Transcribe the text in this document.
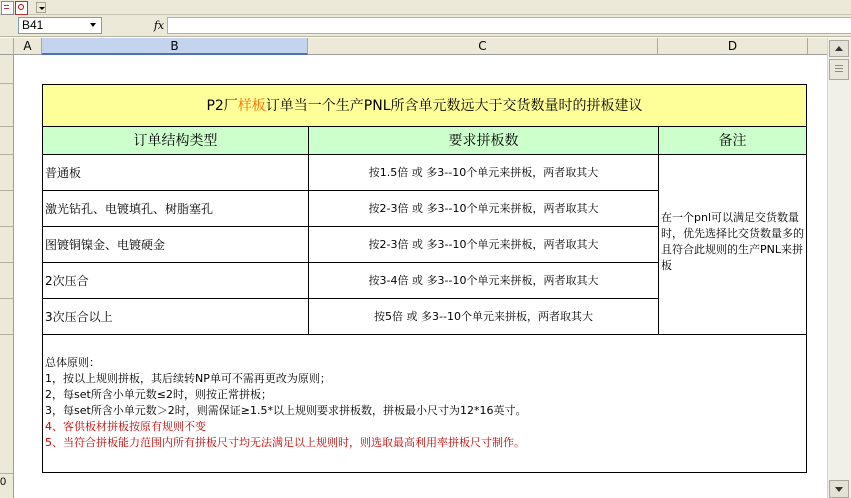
B41	fx
A	B	C	D
0
P2厂样板订单当一个生产PNL所含单元数远大于交货数量时的拼板建议
订单结构类型	要求拼板数	备注
普通板	按1.5倍 或 多3--10个单元来拼板，两者取其大
激光钻孔、电镀填孔、树脂塞孔	按2-3倍 或 多3--10个单元来拼板，两者取其大
图镀铜镍金、电镀硬金	按2-3倍 或 多3--10个单元来拼板，两者取其大
2次压合	按3-4倍 或 多3--10个单元来拼板，两者取其大
3次压合以上	按5倍 或 多3--10个单元来拼板，两者取其大
在一个pnl可以满足交货数量时，优先选择比交货数量多的且符合此规则的生产PNL来拼板
总体原则：
1，按以上规则拼板，其后续转NP单可不需再更改为原则；
2，每set所含小单元数≤2时，则按正常拼板；
3，每set所含小单元数＞2时，则需保证≥1.5*以上规则要求拼板数，拼板最小尺寸为12*16英寸。
4、客供板材拼板按原有规则不变
5、当符合拼板能力范围内所有拼板尺寸均无法满足以上规则时，则选取最高利用率拼板尺寸制作。
